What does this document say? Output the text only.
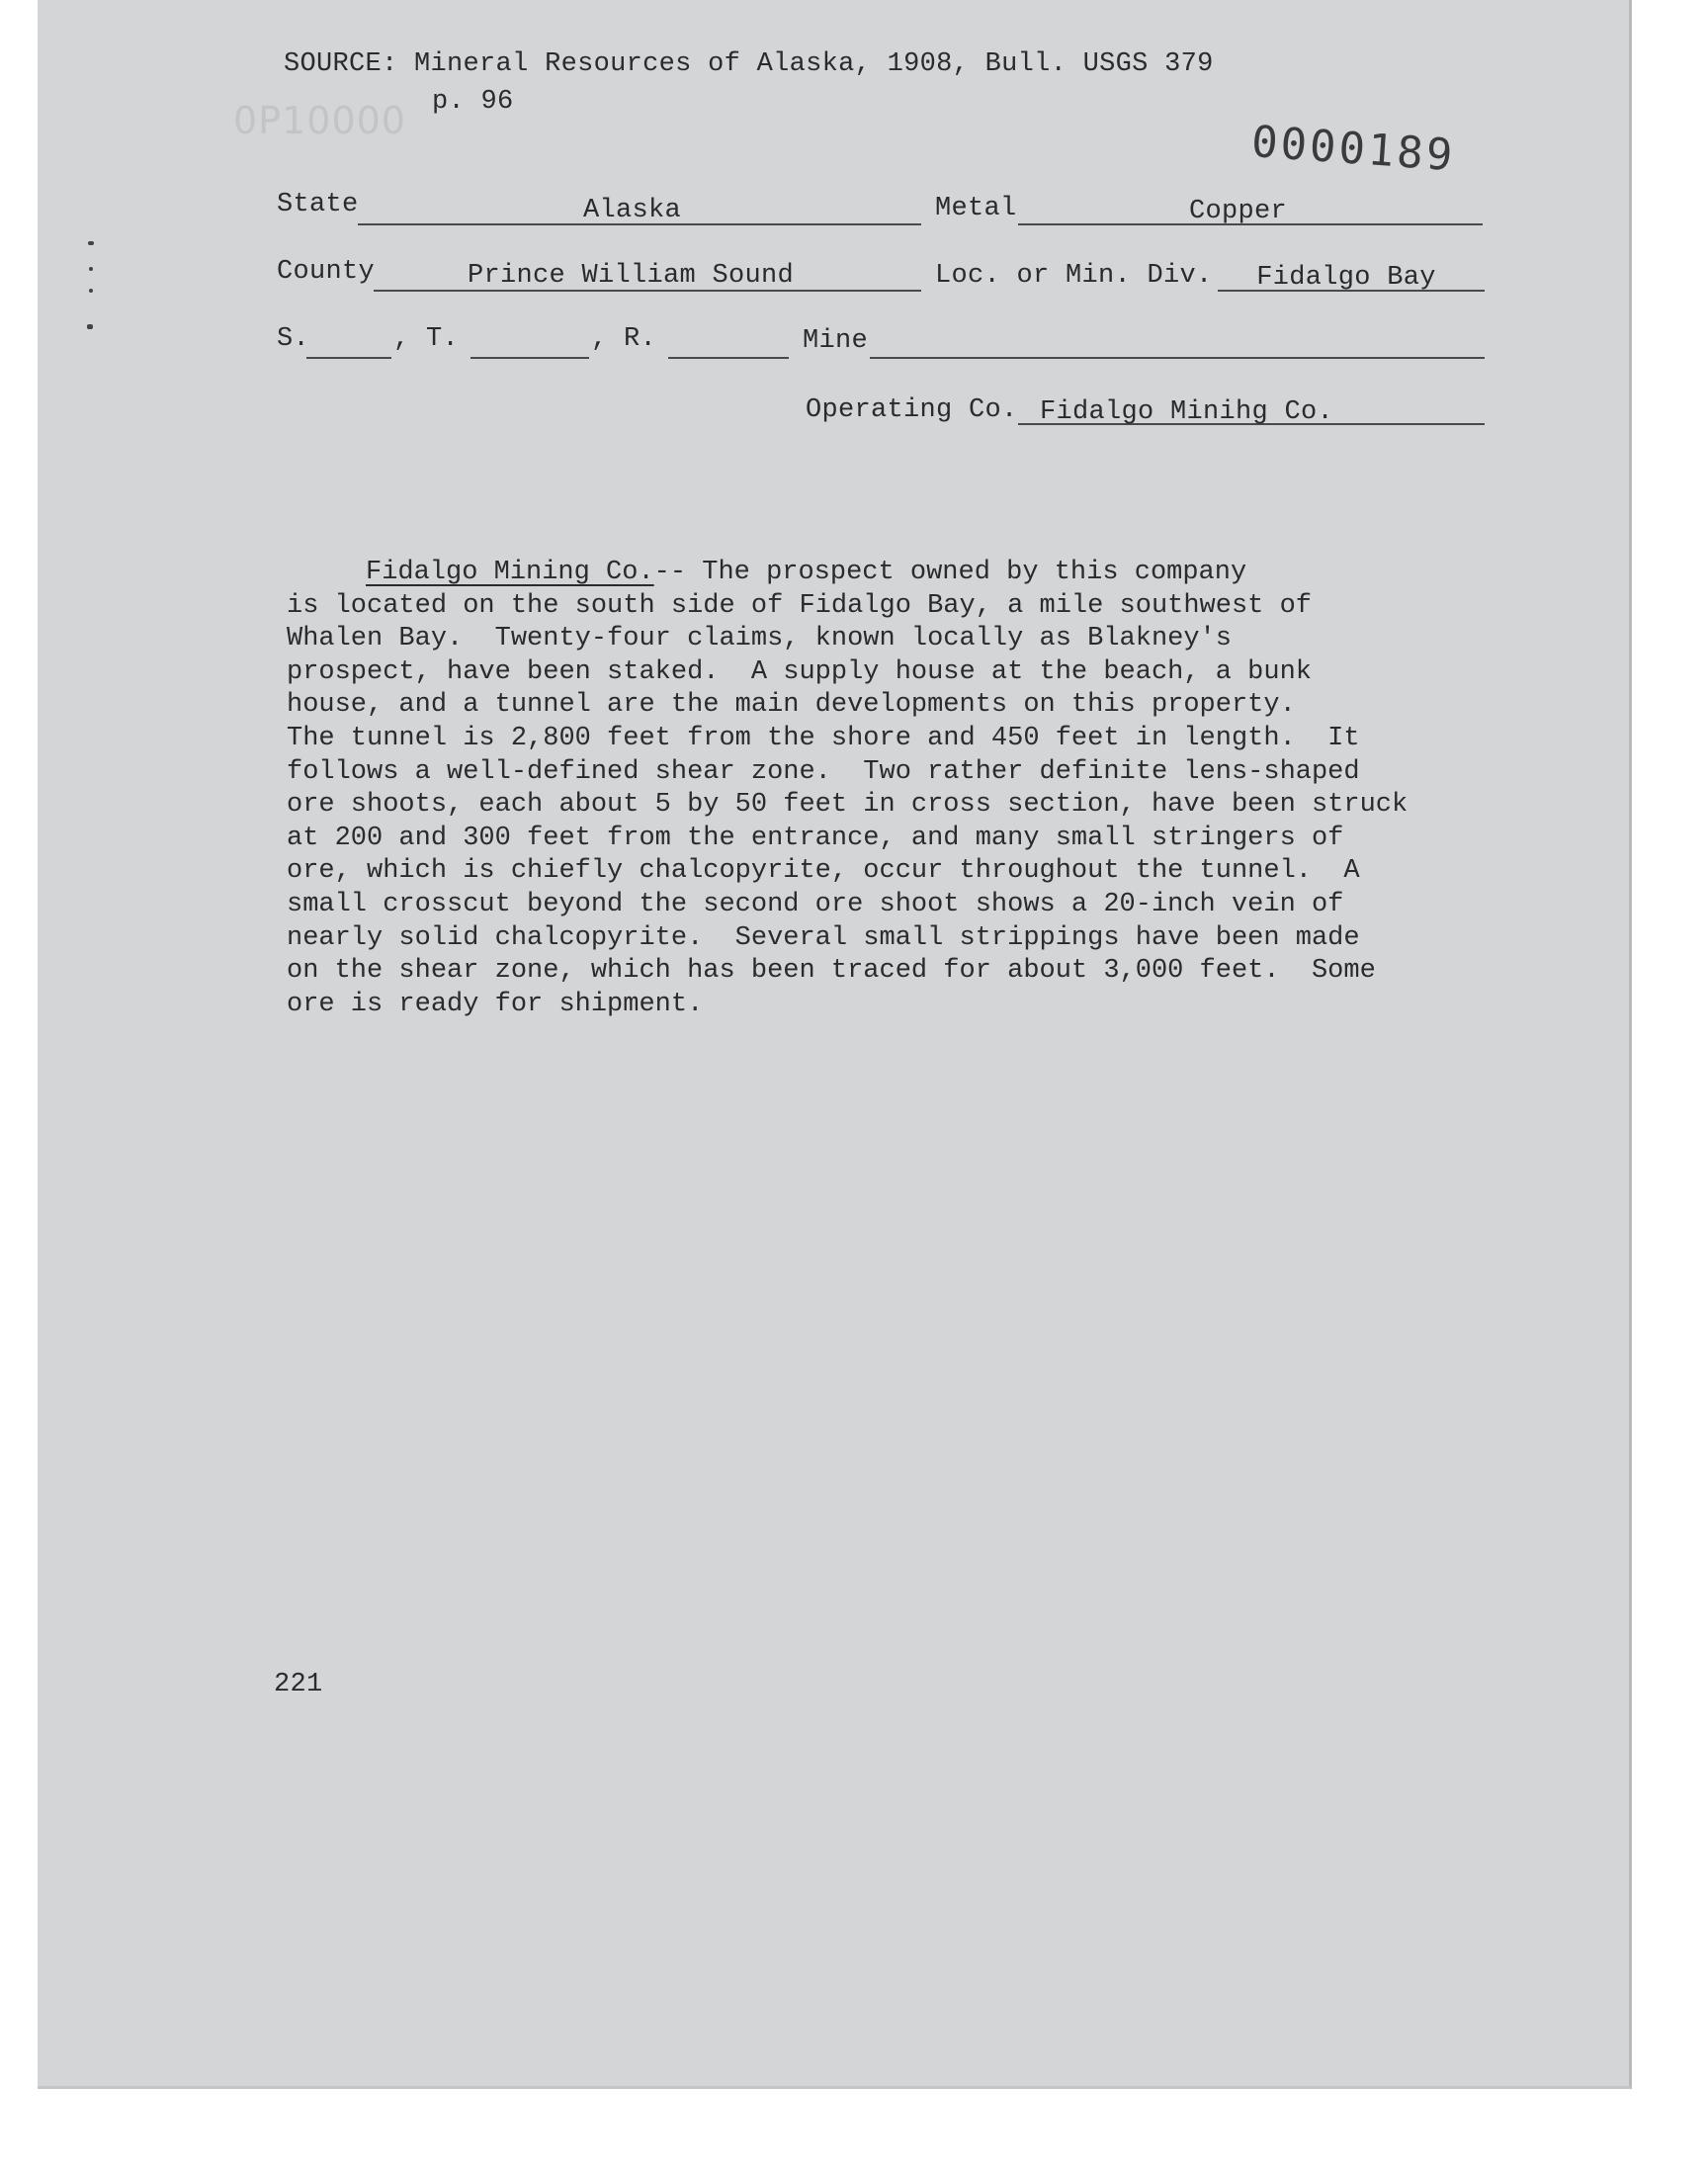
SOURCE: Mineral Resources of Alaska, 1908, Bull. USGS 379
p. 96
0P10000	0000189
State	Alaska	Metal	Copper
County	Prince William Sound	Loc. or Min. Div.	Fidalgo Bay
S.	, T.	, R.	Mine
Operating Co. Fidalgo Minihg Co.
Fidalgo Mining Co.-- The prospect owned by this company
is located on the south side of Fidalgo Bay, a mile southwest of
Whalen Bay.  Twenty-four claims, known locally as Blakney's
prospect, have been staked.  A supply house at the beach, a bunk
house, and a tunnel are the main developments on this property.
The tunnel is 2,800 feet from the shore and 450 feet in length.  It
follows a well-defined shear zone.  Two rather definite lens-shaped
ore shoots, each about 5 by 50 feet in cross section, have been struck
at 200 and 300 feet from the entrance, and many small stringers of
ore, which is chiefly chalcopyrite, occur throughout the tunnel.  A
small crosscut beyond the second ore shoot shows a 20-inch vein of
nearly solid chalcopyrite.  Several small strippings have been made
on the shear zone, which has been traced for about 3,000 feet.  Some
ore is ready for shipment.
221
